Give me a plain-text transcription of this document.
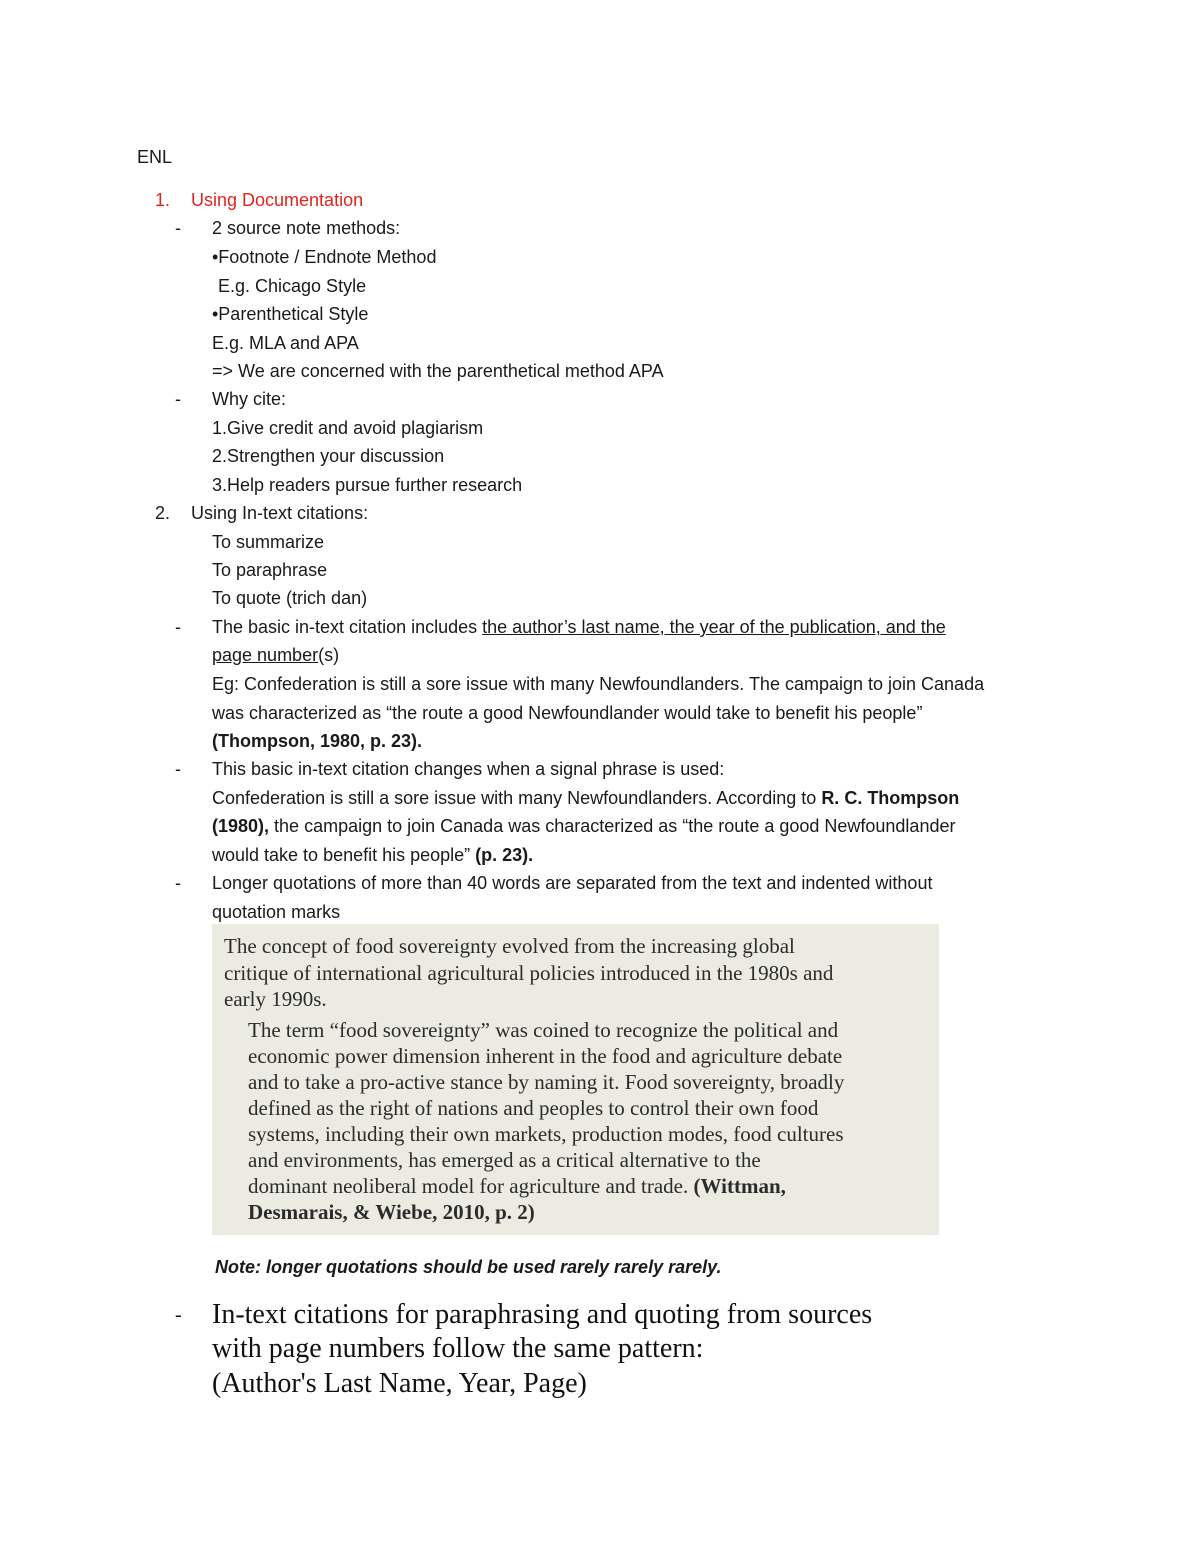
ENL
1. Using Documentation
- 2 source note methods:
•Footnote / Endnote Method
E.g. Chicago Style
•Parenthetical Style
E.g. MLA and APA
=> We are concerned with the parenthetical method APA
- Why cite:
1.Give credit and avoid plagiarism
2.Strengthen your discussion
3.Help readers pursue further research
2. Using In-text citations:
To summarize
To paraphrase
To quote (trich dan)
- The basic in-text citation includes the author’s last name, the year of the publication, and the
page number(s)
Eg: Confederation is still a sore issue with many Newfoundlanders. The campaign to join Canada
was characterized as “the route a good Newfoundlander would take to benefit his people”
(Thompson, 1980, p. 23).
- This basic in-text citation changes when a signal phrase is used:
Confederation is still a sore issue with many Newfoundlanders. According to R. C. Thompson
(1980), the campaign to join Canada was characterized as “the route a good Newfoundlander
would take to benefit his people” (p. 23).
- Longer quotations of more than 40 words are separated from the text and indented without
quotation marks
The concept of food sovereignty evolved from the increasing global
critique of international agricultural policies introduced in the 1980s and
early 1990s.
The term “food sovereignty” was coined to recognize the political and
economic power dimension inherent in the food and agriculture debate
and to take a pro-active stance by naming it. Food sovereignty, broadly
defined as the right of nations and peoples to control their own food
systems, including their own markets, production modes, food cultures
and environments, has emerged as a critical alternative to the
dominant neoliberal model for agriculture and trade. (Wittman,
Desmarais, & Wiebe, 2010, p. 2)
Note: longer quotations should be used rarely rarely rarely.
- In-text citations for paraphrasing and quoting from sources
with page numbers follow the same pattern:
(Author's Last Name, Year, Page)
